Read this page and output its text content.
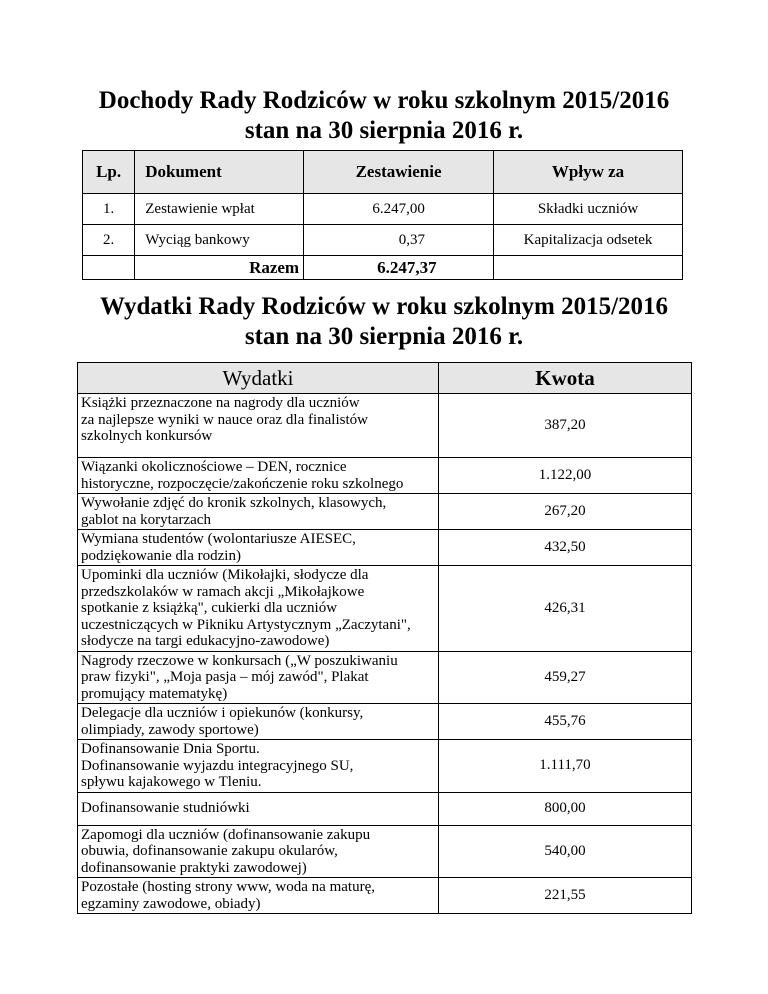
Dochody Rady Rodziców w roku szkolnym 2015/2016
stan na 30 sierpnia 2016 r.
Lp.	Dokument	Zestawienie	Wpływ za
1.	Zestawienie wpłat	6.247,00	Składki uczniów
2.	Wyciąg bankowy	0,37	Kapitalizacja odsetek
	Razem	6.247,37	
Wydatki Rady Rodziców w roku szkolnym 2015/2016
stan na 30 sierpnia 2016 r.
Wydatki	Kwota

Książki przeznaczone na nagrody dla uczniów
za najlepsze wyniki w nauce oraz dla finalistów
szkolnych konkursów	387,20

Wiązanki okolicznościowe – DEN, rocznice
historyczne, rozpoczęcie/zakończenie roku szkolnego	1.122,00

Wywołanie zdjęć do kronik szkolnych, klasowych,
gablot na korytarzach	267,20

Wymiana studentów (wolontariusze AIESEC,
podziękowanie dla rodzin)	432,50

Upominki dla uczniów (Mikołajki, słodycze dla
przedszkolaków w ramach akcji „Mikołajkowe
spotkanie z książką", cukierki dla uczniów
uczestniczących w Pikniku Artystycznym „Zaczytani",
słodycze na targi edukacyjno-zawodowe)	426,31

Nagrody rzeczowe w konkursach („W poszukiwaniu
praw fizyki", „Moja pasja – mój zawód", Plakat
promujący matematykę)	459,27

Delegacje dla uczniów i opiekunów (konkursy,
olimpiady, zawody sportowe)	455,76

Dofinansowanie Dnia Sportu.
Dofinansowanie wyjazdu integracyjnego SU,
spływu kajakowego w Tleniu.	1.111,70

Dofinansowanie studniówki	800,00

Zapomogi dla uczniów (dofinansowanie zakupu
obuwia, dofinansowanie zakupu okularów,
dofinansowanie praktyki zawodowej)	540,00

Pozostałe (hosting strony www, woda na maturę,
egzaminy zawodowe, obiady)	221,55
